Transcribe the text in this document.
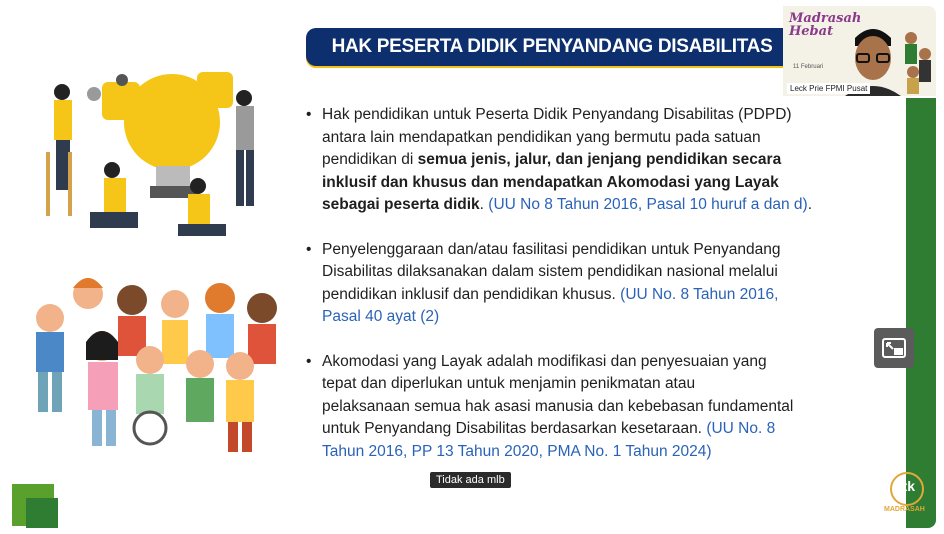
HAK PESERTA DIDIK PENYANDANG DISABILITAS
• Hak pendidikan untuk Peserta Didik Penyandang Disabilitas (PDPD)
antara lain mendapatkan pendidikan yang bermutu pada satuan
pendidikan di semua jenis, jalur, dan jenjang pendidikan secara
inklusif dan khusus dan mendapatkan Akomodasi yang Layak
sebagai peserta didik. (UU No 8 Tahun 2016, Pasal 10 huruf a dan d).
• Penyelenggaraan dan/atau fasilitasi pendidikan untuk Penyandang
Disabilitas dilaksanakan dalam sistem pendidikan nasional melalui
pendidikan inklusif dan pendidikan khusus. (UU No. 8 Tahun 2016,
Pasal 40 ayat (2)
• Akomodasi yang Layak adalah modifikasi dan penyesuaian yang
tepat dan diperlukan untuk menjamin penikmatan atau
pelaksanaan semua hak asasi manusia dan kebebasan fundamental
untuk Penyandang Disabilitas berdasarkan kesetaraan. (UU No. 8
Tahun 2016, PP 13 Tahun 2020, PMA No. 1 Tahun 2024)
Tidak ada mlb
Madrasah Hebat
11 Februari
Leck Prie FPMI Pusat
gtk
MADRASAH
